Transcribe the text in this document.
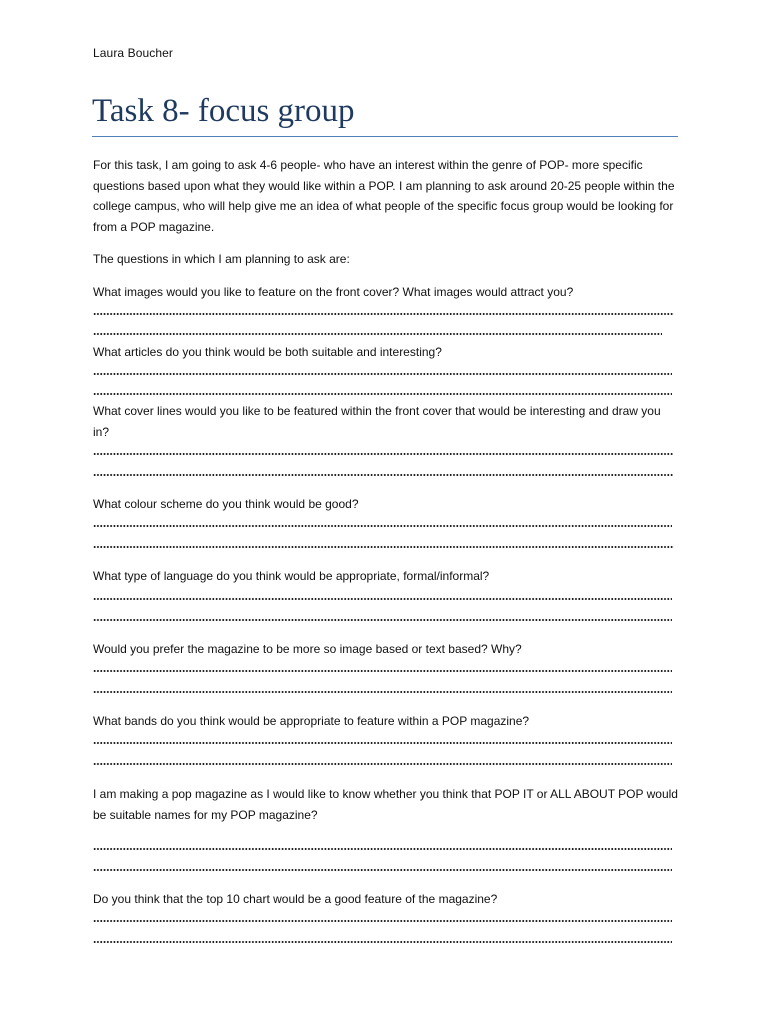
Laura Boucher
Task 8- focus group
For this task, I am going to ask 4-6 people- who have an interest within the genre of POP- more specific questions based upon what they would like within a POP. I am planning to ask around 20-25 people within the college campus, who will help give me an idea of what people of the specific focus group would be looking for from a POP magazine.
The questions in which I am planning to ask are:
What images would you like to feature on the front cover? What images would attract you?
What articles do you think would be both suitable and interesting?
What cover lines would you like to be featured within the front cover that would be interesting and draw you in?
What colour scheme do you think would be good?
What type of language do you think would be appropriate, formal/informal?
Would you prefer the magazine to be more so image based or text based? Why?
What bands do you think would be appropriate to feature within a POP magazine?
I am making a pop magazine as I would like to know whether you think that POP IT or ALL ABOUT POP would be suitable names for my POP magazine?
Do you think that the top 10 chart would be a good feature of the magazine?
